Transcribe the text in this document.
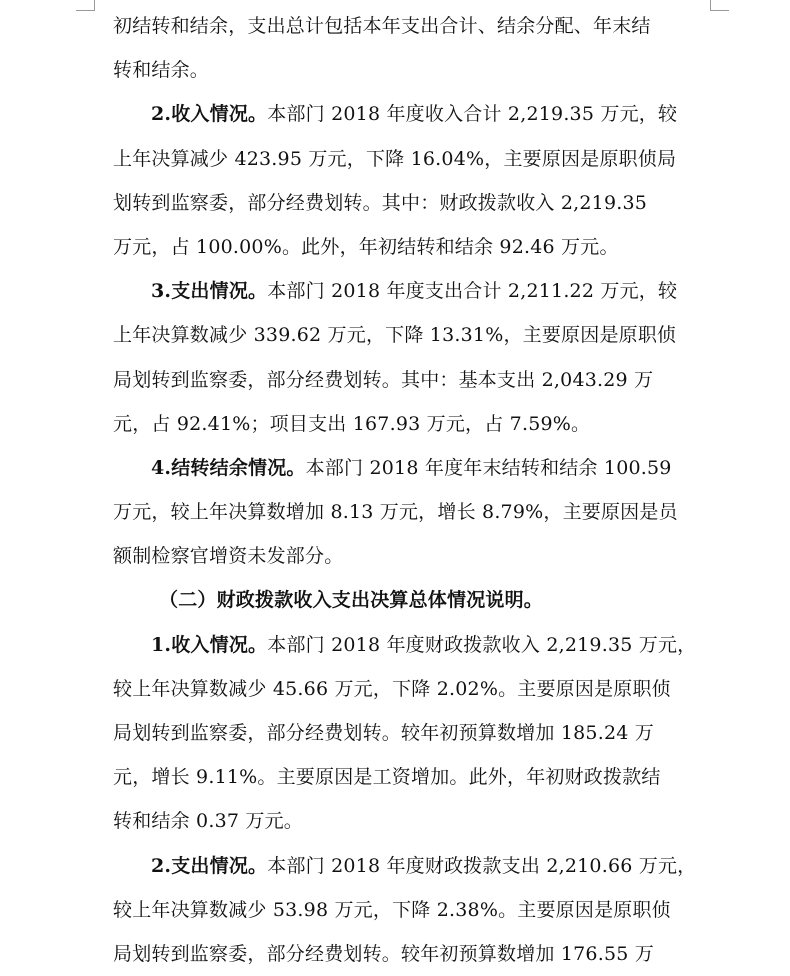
初结转和结余，支出总计包括本年支出合计、结余分配、年末结
转和结余。
2.收入情况。本部门 2018 年度收入合计 2,219.35 万元，较
上年决算减少 423.95 万元，下降 16.04%，主要原因是原职侦局
划转到监察委，部分经费划转。其中：财政拨款收入 2,219.35
万元，占 100.00%。此外，年初结转和结余 92.46 万元。
3.支出情况。本部门 2018 年度支出合计 2,211.22 万元，较
上年决算数减少 339.62 万元，下降 13.31%，主要原因是原职侦
局划转到监察委，部分经费划转。其中：基本支出 2,043.29 万
元，占 92.41%；项目支出 167.93 万元，占 7.59%。
4.结转结余情况。本部门 2018 年度年末结转和结余 100.59
万元，较上年决算数增加 8.13 万元，增长 8.79%，主要原因是员
额制检察官增资未发部分。
（二）财政拨款收入支出决算总体情况说明。
1.收入情况。本部门 2018 年度财政拨款收入 2,219.35 万元，
较上年决算数减少 45.66 万元，下降 2.02%。主要原因是原职侦
局划转到监察委，部分经费划转。较年初预算数增加 185.24 万
元，增长 9.11%。主要原因是工资增加。此外，年初财政拨款结
转和结余 0.37 万元。
2.支出情况。本部门 2018 年度财政拨款支出 2,210.66 万元，
较上年决算数减少 53.98 万元，下降 2.38%。主要原因是原职侦
局划转到监察委，部分经费划转。较年初预算数增加 176.55 万
